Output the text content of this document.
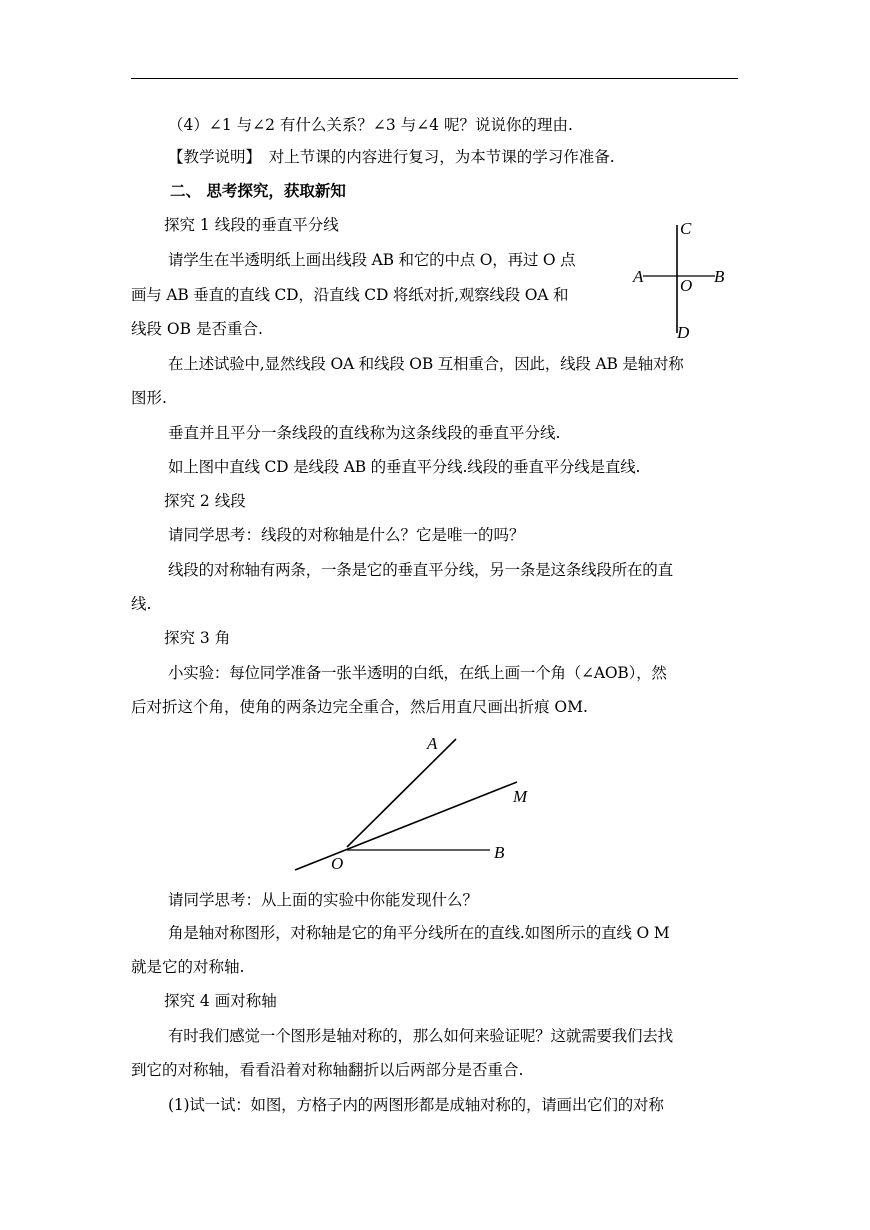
（4）∠1 与∠2 有什么关系？∠3 与∠4 呢？说说你的理由.
【教学说明】　对上节课的内容进行复习，为本节课的学习作准备.
二、 思考探究，获取新知
探究 1 线段的垂直平分线
请学生在半透明纸上画出线段 AB 和它的中点 O，再过 O 点
画与 AB 垂直的直线 CD，沿直线 CD 将纸对折,观察线段 OA 和
线段 OB 是否重合.
在上述试验中,显然线段 OA 和线段 OB 互相重合，因此，线段 AB 是轴对称
图形.
垂直并且平分一条线段的直线称为这条线段的垂直平分线.
如上图中直线 CD 是线段 AB 的垂直平分线.线段的垂直平分线是直线.
探究 2 线段
请同学思考：线段的对称轴是什么？它是唯一的吗？
线段的对称轴有两条，一条是它的垂直平分线，另一条是这条线段所在的直
线.
探究 3 角
小实验：每位同学准备一张半透明的白纸，在纸上画一个角（∠AOB），然
后对折这个角，使角的两条边完全重合，然后用直尺画出折痕 OM.
请同学思考：从上面的实验中你能发现什么？
角是轴对称图形，对称轴是它的角平分线所在的直线.如图所示的直线 O M
就是它的对称轴.
探究 4 画对称轴
有时我们感觉一个图形是轴对称的，那么如何来验证呢？这就需要我们去找
到它的对称轴，看看沿着对称轴翻折以后两部分是否重合.
(1)试一试：如图，方格子内的两图形都是成轴对称的，请画出它们的对称
C
A O B
D
A
M
O
B
